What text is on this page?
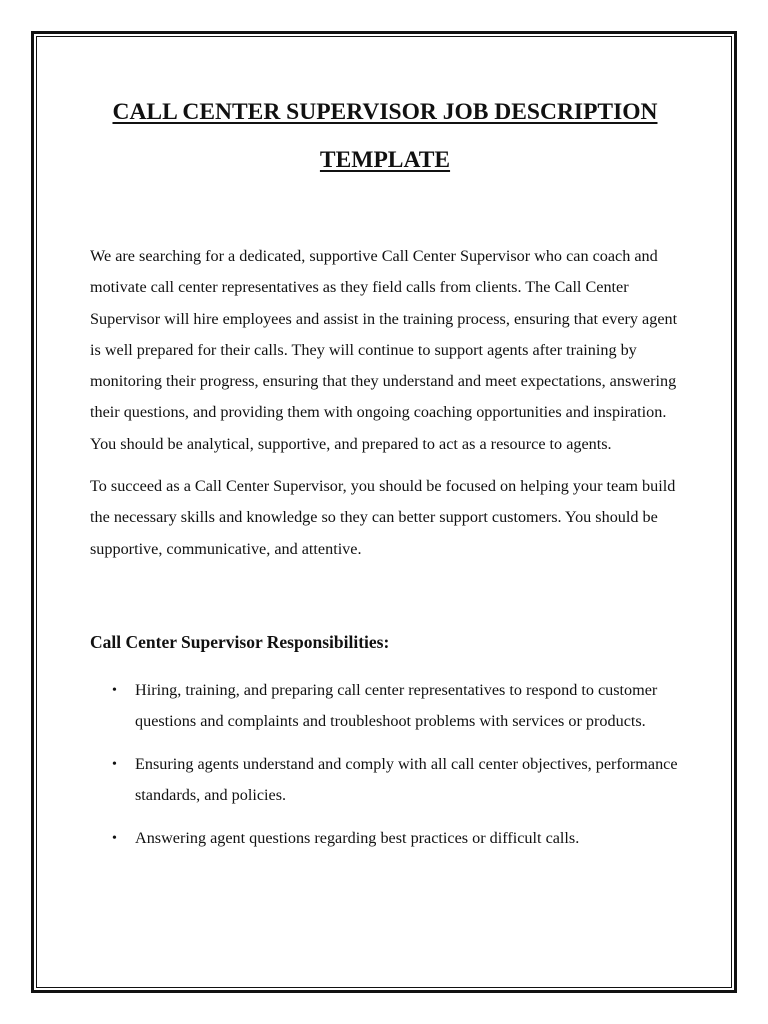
CALL CENTER SUPERVISOR JOB DESCRIPTION
TEMPLATE

We are searching for a dedicated, supportive Call Center Supervisor who can coach and motivate call center representatives as they field calls from clients. The Call Center Supervisor will hire employees and assist in the training process, ensuring that every agent is well prepared for their calls. They will continue to support agents after training by monitoring their progress, ensuring that they understand and meet expectations, answering their questions, and providing them with ongoing coaching opportunities and inspiration. You should be analytical, supportive, and prepared to act as a resource to agents.

To succeed as a Call Center Supervisor, you should be focused on helping your team build the necessary skills and knowledge so they can better support customers. You should be supportive, communicative, and attentive.

Call Center Supervisor Responsibilities:
• Hiring, training, and preparing call center representatives to respond to customer questions and complaints and troubleshoot problems with services or products.
• Ensuring agents understand and comply with all call center objectives, performance standards, and policies.
• Answering agent questions regarding best practices or difficult calls.
